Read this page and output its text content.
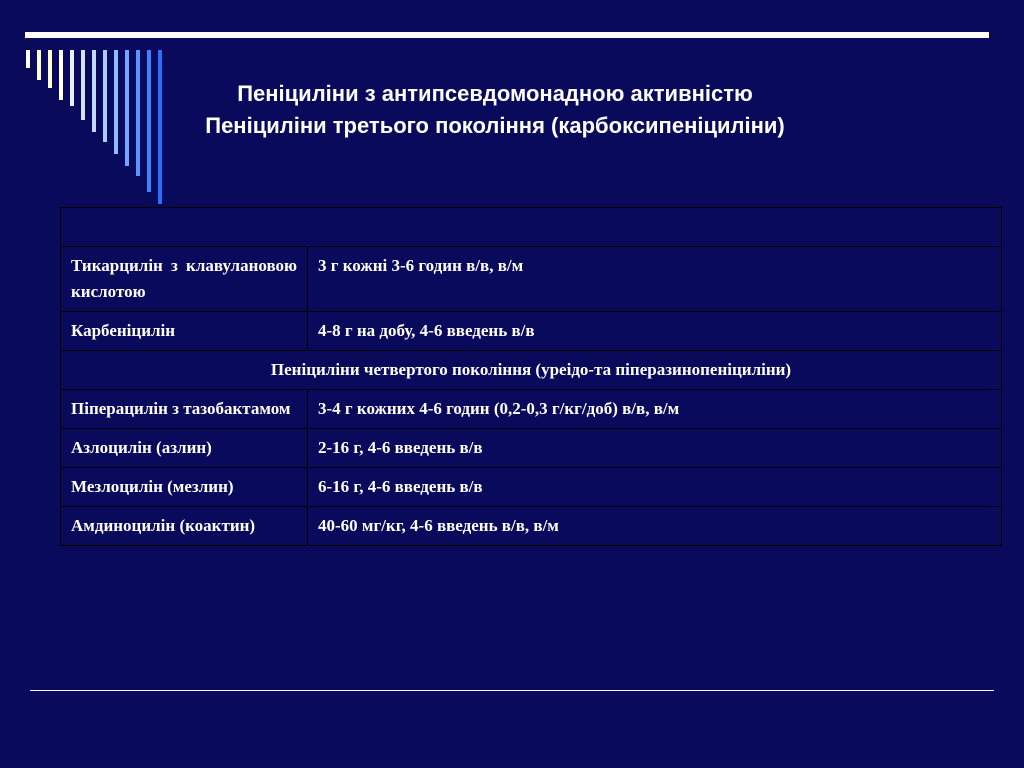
Пеніциліни з антипсевдомонадною активністю
Пеніциліни третього покоління (карбоксипеніциліни)

Тикарцилін з клавулановою кислотою	3 г кожні 3-6 годин в/в, в/м
Карбеніцилін	4-8 г на добу, 4-6 введень в/в
Пеніциліни четвертого покоління (уреідо-та піперазинопеніциліни)	
Піперацилін з тазобактамом	3-4 г кожних 4-6 годин (0,2-0,3 г/кг/доб) в/в, в/м
Азлоцилін (азлин)	2-16 г, 4-6 введень в/в
Мезлоцилін (мезлин)	6-16 г, 4-6 введень в/в
Амдиноцилін (коактин)	40-60 мг/кг, 4-6 введень в/в, в/м
